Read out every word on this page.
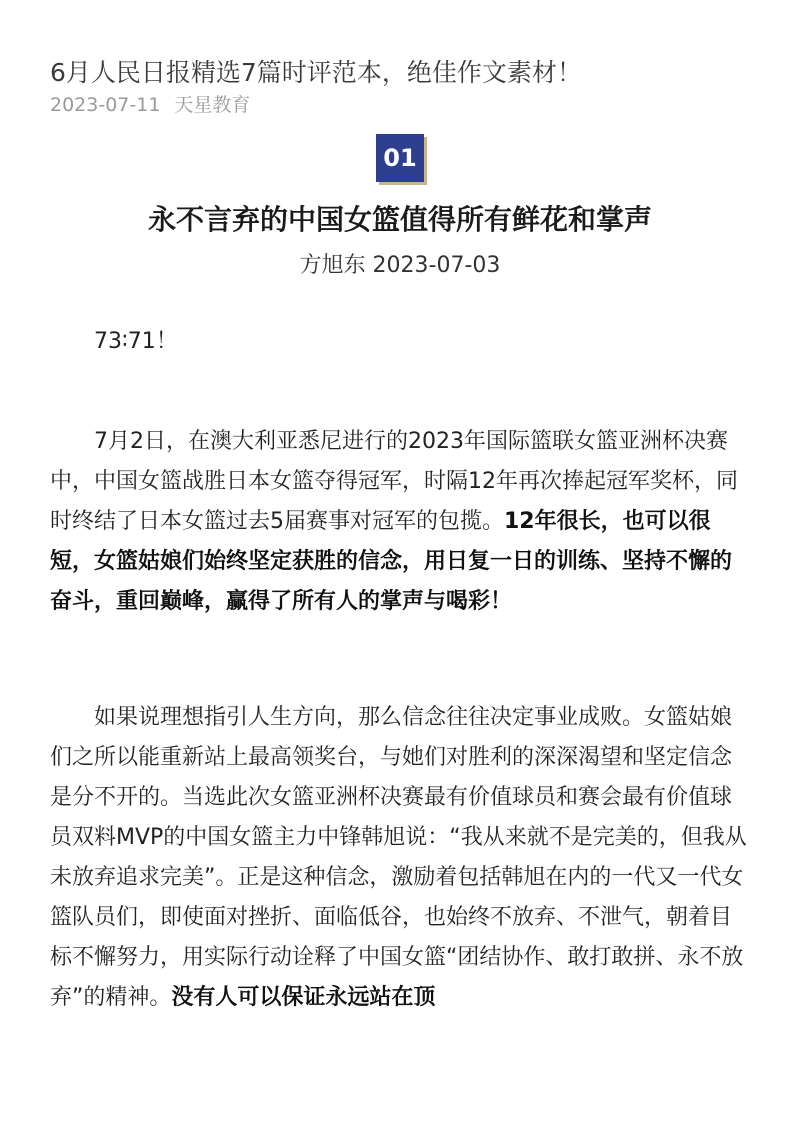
6月人民日报精选7篇时评范本，绝佳作文素材！
2023-07-11 天星教育
01
永不言弃的中国女篮值得所有鲜花和掌声
方旭东 2023-07-03

73∶71！

7月2日，在澳大利亚悉尼进行的2023年国际篮联女篮亚洲杯决赛中，中国女篮战胜日本女篮夺得冠军，时隔12年再次捧起冠军奖杯，同时终结了日本女篮过去5届赛事对冠军的包揽。12年很长，也可以很短，女篮姑娘们始终坚定获胜的信念，用日复一日的训练、坚持不懈的奋斗，重回巅峰，赢得了所有人的掌声与喝彩！

如果说理想指引人生方向，那么信念往往决定事业成败。女篮姑娘们之所以能重新站上最高领奖台，与她们对胜利的深深渴望和坚定信念是分不开的。当选此次女篮亚洲杯决赛最有价值球员和赛会最有价值球员双料MVP的中国女篮主力中锋韩旭说：“我从来就不是完美的，但我从未放弃追求完美”。正是这种信念，激励着包括韩旭在内的一代又一代女篮队员们，即使面对挫折、面临低谷，也始终不放弃、不泄气，朝着目标不懈努力，用实际行动诠释了中国女篮“团结协作、敢打敢拼、永不放弃”的精神。没有人可以保证永远站在顶
